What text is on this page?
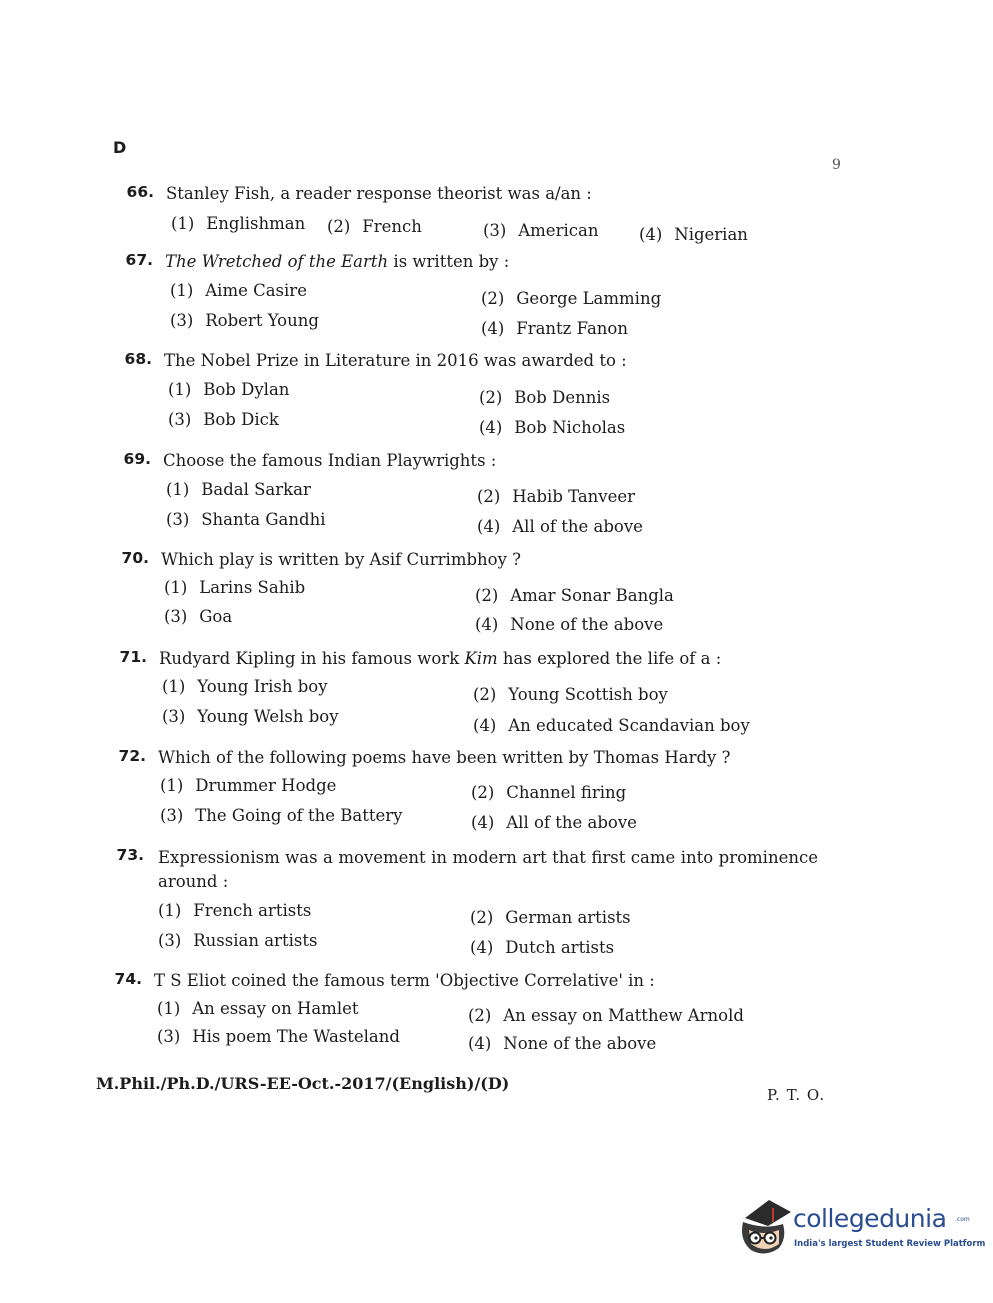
D
9
66. Stanley Fish, a reader response theorist was a/an :
(1) Englishman (2) French	(3) American (4) Nigerian
67. The Wretched of the Earth is written by :
(1) Aime Casire	(2) George Lamming
(3) Robert Young	(4) Frantz Fanon
68. The Nobel Prize in Literature in 2016 was awarded to :
(1) Bob Dylan	(2) Bob Dennis
(3) Bob Dick	(4) Bob Nicholas
69. Choose the famous Indian Playwrights :
(1) Badal Sarkar	(2) Habib Tanveer
(3) Shanta Gandhi	(4) All of the above
70. Which play is written by Asif Currimbhoy ?
(1) Larins Sahib	(2) Amar Sonar Bangla
(3) Goa	(4) None of the above
71. Rudyard Kipling in his famous work Kim has explored the life of a :
(1) Young Irish boy	(2) Young Scottish boy
(3) Young Welsh boy	(4) An educated Scandavian boy
72. Which of the following poems have been written by Thomas Hardy ?
(1) Drummer Hodge	(2) Channel firing
(3) The Going of the Battery	(4) All of the above
73. Expressionism was a movement in modern art that first came into prominence around :
(1) French artists	(2) German artists
(3) Russian artists	(4) Dutch artists
74. T S Eliot coined the famous term 'Objective Correlative' in :
(1) An essay on Hamlet	(2) An essay on Matthew Arnold
(3) His poem The Wasteland	(4) None of the above
M.Phil./Ph.D./URS-EE-Oct.-2017/(English)/(D)
P. T. O.
collegedunia .com
India's largest Student Review Platform
